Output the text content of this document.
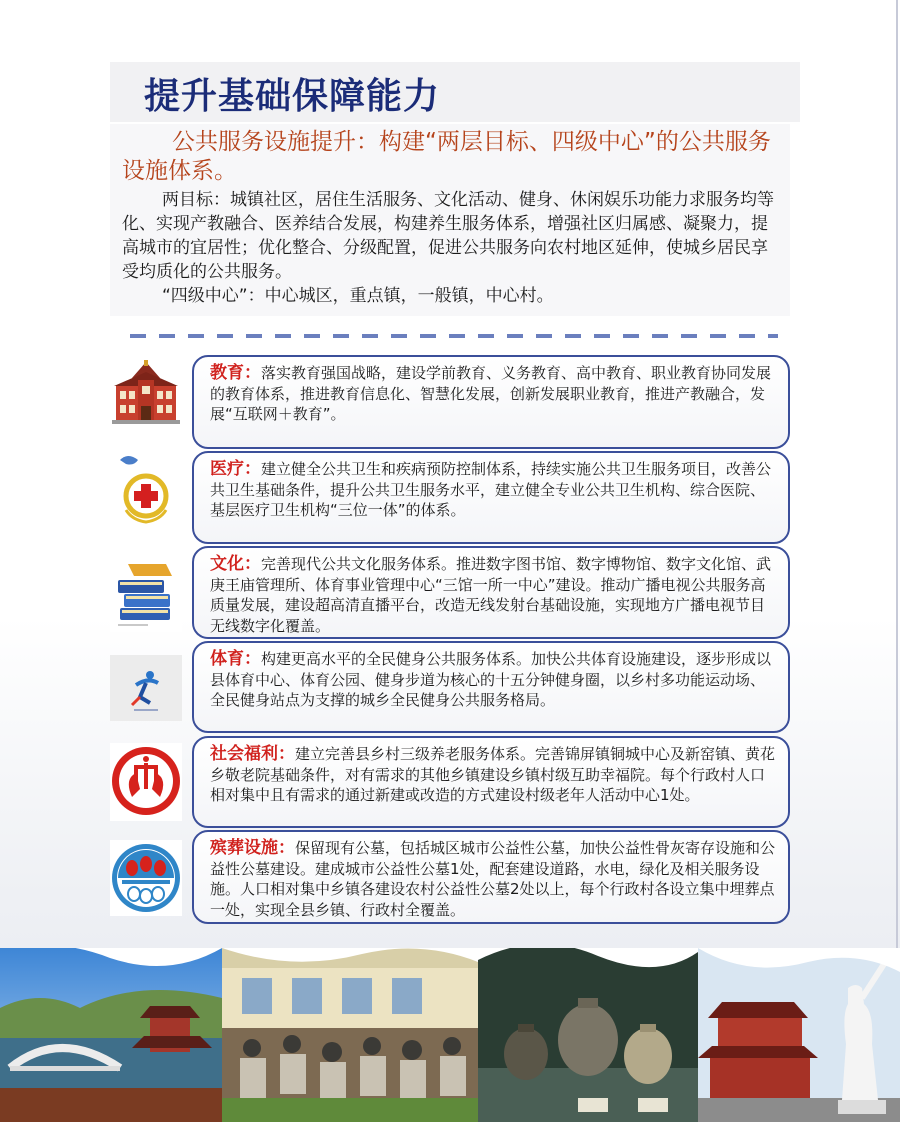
提升基础保障能力
公共服务设施提升：构建“两层目标、四级中心”的公共服务设施体系。

两目标：城镇社区，居住生活服务、文化活动、健身、休闲娱乐功能力求服务均等化、实现产教融合、医养结合发展，构建养生服务体系，增强社区归属感、凝聚力，提高城市的宜居性；优化整合、分级配置，促进公共服务向农村地区延伸，使城乡居民享受均质化的公共服务。

“四级中心”：中心城区，重点镇，一般镇，中心村。

教育：落实教育强国战略，建设学前教育、义务教育、高中教育、职业教育协同发展的教育体系，推进教育信息化、智慧化发展，创新发展职业教育，推进产教融合，发展“互联网＋教育”。
医疗：建立健全公共卫生和疾病预防控制体系，持续实施公共卫生服务项目，改善公共卫生基础条件，提升公共卫生服务水平，建立健全专业公共卫生机构、综合医院、基层医疗卫生机构“三位一体”的体系。
文化：完善现代公共文化服务体系。推进数字图书馆、数字博物馆、数字文化馆、武庚王庙管理所、体育事业管理中心“三馆一所一中心”建设。推动广播电视公共服务高质量发展，建设超高清直播平台，改造无线发射台基础设施，实现地方广播电视节目无线数字化覆盖。
体育：构建更高水平的全民健身公共服务体系。加快公共体育设施建设，逐步形成以县体育中心、体育公园、健身步道为核心的十五分钟健身圈，以乡村多功能运动场、全民健身站点为支撑的城乡全民健身公共服务格局。
社会福利：建立完善县乡村三级养老服务体系。完善锦屏镇铜城中心及新窑镇、黄花乡敬老院基础条件，对有需求的其他乡镇建设乡镇村级互助幸福院。每个行政村人口相对集中且有需求的通过新建或改造的方式建设村级老年人活动中心1处。
殡葬设施：保留现有公墓，包括城区城市公益性公墓，加快公益性骨灰寄存设施和公益性公墓建设。建成城市公益性公墓1处，配套建设道路，水电，绿化及相关服务设施。人口相对集中乡镇各建设农村公益性公墓2处以上，每个行政村各设立集中埋葬点一处，实现全县乡镇、行政村全覆盖。
